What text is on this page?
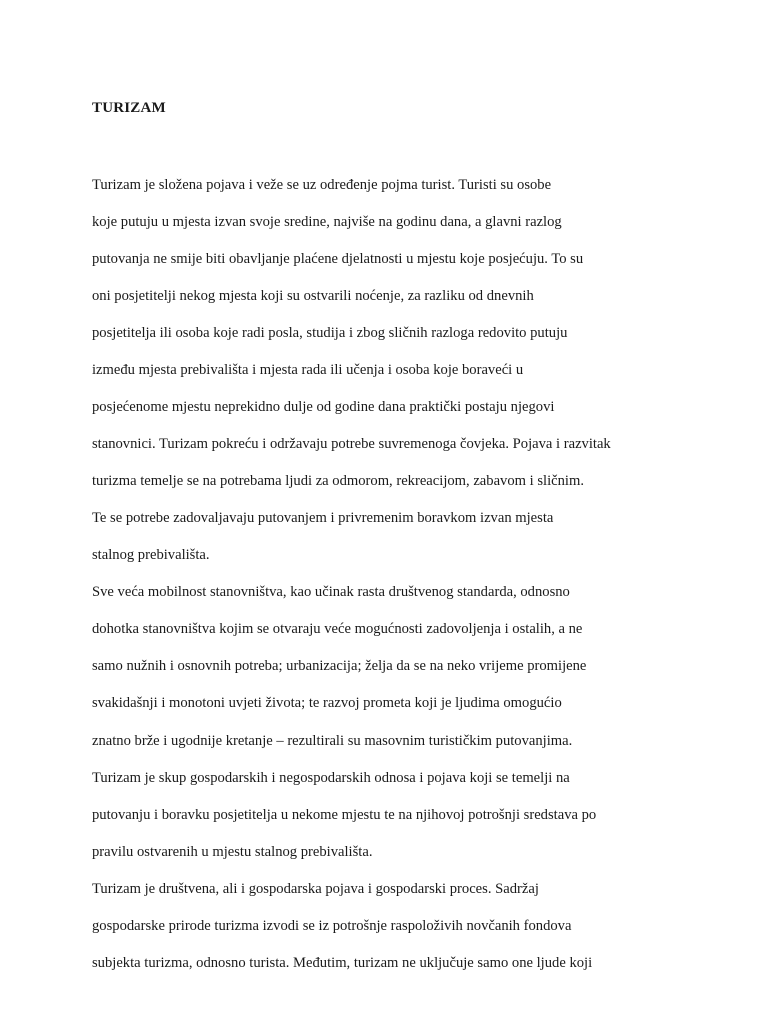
TURIZAM
Turizam je složena pojava i veže se uz određenje pojma turist. Turisti su osobe
koje putuju u mjesta izvan svoje sredine, najviše na godinu dana, a glavni razlog
putovanja ne smije biti obavljanje plaćene djelatnosti u mjestu koje posjećuju. To su
oni posjetitelji nekog mjesta koji su ostvarili noćenje, za razliku od dnevnih
posjetitelja ili osoba koje radi posla, studija i zbog sličnih razloga redovito putuju
između mjesta prebivališta i mjesta rada ili učenja i osoba koje boraveći u
posjećenome mjestu neprekidno dulje od godine dana praktički postaju njegovi
stanovnici. Turizam pokreću i održavaju potrebe suvremenoga čovjeka. Pojava i razvitak
turizma temelje se na potrebama ljudi za odmorom, rekreacijom, zabavom i sličnim.
Te se potrebe zadovaljavaju putovanjem i privremenim boravkom izvan mjesta
stalnog prebivališta.
Sve veća mobilnost stanovništva, kao učinak rasta društvenog standarda, odnosno
dohotka stanovništva kojim se otvaraju veće mogućnosti zadovoljenja i ostalih, a ne
samo nužnih i osnovnih potreba; urbanizacija; želja da se na neko vrijeme promijene
svakidašnji i monotoni uvjeti života; te razvoj prometa koji je ljudima omogućio
znatno brže i ugodnije kretanje – rezultirali su masovnim turističkim putovanjima.
Turizam je skup gospodarskih i negospodarskih odnosa i pojava koji se temelji na
putovanju i boravku posjetitelja u nekome mjestu te na njihovoj potrošnji sredstava po
pravilu ostvarenih u mjestu stalnog prebivališta.
Turizam je društvena, ali i gospodarska pojava i gospodarski proces. Sadržaj
gospodarske prirode turizma izvodi se iz potrošnje raspoloživih novčanih fondova
subjekta turizma, odnosno turista. Međutim, turizam ne uključuje samo one ljude koji
